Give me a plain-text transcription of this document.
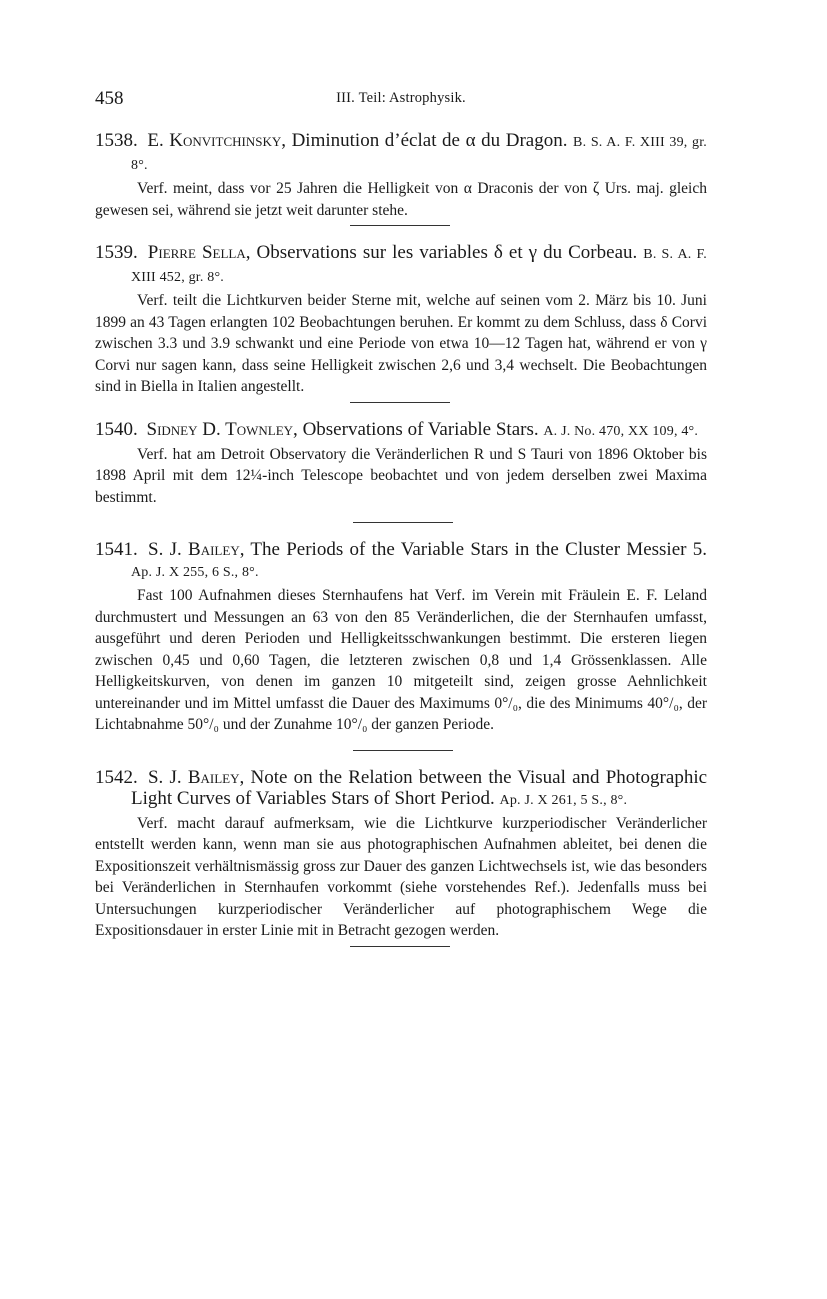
458	III. Teil: Astrophysik.
1538. E. Konvitchinsky, Diminution d’éclat de α du Dragon. B. S. A. F. XIII 39, gr. 8°.
Verf. meint, dass vor 25 Jahren die Helligkeit von α Draconis der von ζ Urs. maj. gleich gewesen sei, während sie jetzt weit darunter stehe.
1539. Pierre Sella, Observations sur les variables δ et γ du Corbeau. B. S. A. F. XIII 452, gr. 8°.
Verf. teilt die Lichtkurven beider Sterne mit, welche auf seinen vom 2. März bis 10. Juni 1899 an 43 Tagen erlangten 102 Beobachtungen beruhen. Er kommt zu dem Schluss, dass δ Corvi zwischen 3.3 und 3.9 schwankt und eine Periode von etwa 10—12 Tagen hat, während er von γ Corvi nur sagen kann, dass seine Helligkeit zwischen 2,6 und 3,4 wechselt. Die Beobachtungen sind in Biella in Italien angestellt.
1540. Sidney D. Townley, Observations of Variable Stars. A. J. No. 470, XX 109, 4°.
Verf. hat am Detroit Observatory die Veränderlichen R und S Tauri von 1896 Oktober bis 1898 April mit dem 12¼-inch Telescope beobachtet und von jedem derselben zwei Maxima bestimmt.
1541. S. J. Bailey, The Periods of the Variable Stars in the Cluster Messier 5. Ap. J. X 255, 6 S., 8°.
Fast 100 Aufnahmen dieses Sternhaufens hat Verf. im Verein mit Fräulein E. F. Leland durchmustert und Messungen an 63 von den 85 Veränderlichen, die der Sternhaufen umfasst, ausgeführt und deren Perioden und Helligkeitsschwankungen bestimmt. Die ersteren liegen zwischen 0,45 und 0,60 Tagen, die letzteren zwischen 0,8 und 1,4 Grössenklassen. Alle Helligkeitskurven, von denen im ganzen 10 mitgeteilt sind, zeigen grosse Aehnlichkeit untereinander und im Mittel umfasst die Dauer des Maximums 0°/₀, die des Minimums 40°/₀, der Lichtabnahme 50°/₀ und der Zunahme 10°/₀ der ganzen Periode.
1542. S. J. Bailey, Note on the Relation between the Visual and Photographic Light Curves of Variables Stars of Short Period. Ap. J. X 261, 5 S., 8°.
Verf. macht darauf aufmerksam, wie die Lichtkurve kurzperiodischer Veränderlicher entstellt werden kann, wenn man sie aus photographischen Aufnahmen ableitet, bei denen die Expositionszeit verhältnismässig gross zur Dauer des ganzen Lichtwechsels ist, wie das besonders bei Veränderlichen in Sternhaufen vorkommt (siehe vorstehendes Ref.). Jedenfalls muss bei Untersuchungen kurzperiodischer Veränderlicher auf photographischem Wege die Expositionsdauer in erster Linie mit in Betracht gezogen werden.
